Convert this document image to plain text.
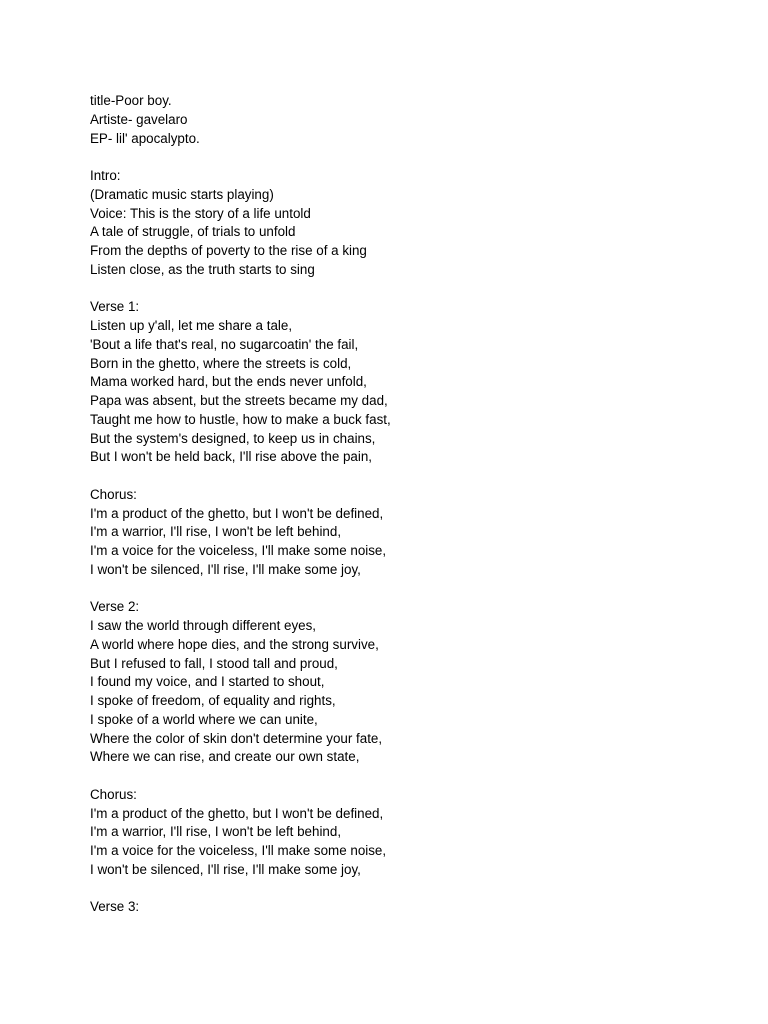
title-Poor boy.
Artiste- gavelaro
EP- lil' apocalypto.
Intro:
(Dramatic music starts playing)
Voice: This is the story of a life untold
A tale of struggle, of trials to unfold
From the depths of poverty to the rise of a king
Listen close, as the truth starts to sing
Verse 1:
Listen up y'all, let me share a tale,
'Bout a life that's real, no sugarcoatin' the fail,
Born in the ghetto, where the streets is cold,
Mama worked hard, but the ends never unfold,
Papa was absent, but the streets became my dad,
Taught me how to hustle, how to make a buck fast,
But the system's designed, to keep us in chains,
But I won't be held back, I'll rise above the pain,
Chorus:
I'm a product of the ghetto, but I won't be defined,
I'm a warrior, I'll rise, I won't be left behind,
I'm a voice for the voiceless, I'll make some noise,
I won't be silenced, I'll rise, I'll make some joy,
Verse 2:
I saw the world through different eyes,
A world where hope dies, and the strong survive,
But I refused to fall, I stood tall and proud,
I found my voice, and I started to shout,
I spoke of freedom, of equality and rights,
I spoke of a world where we can unite,
Where the color of skin don't determine your fate,
Where we can rise, and create our own state,
Chorus:
I'm a product of the ghetto, but I won't be defined,
I'm a warrior, I'll rise, I won't be left behind,
I'm a voice for the voiceless, I'll make some noise,
I won't be silenced, I'll rise, I'll make some joy,
Verse 3:
